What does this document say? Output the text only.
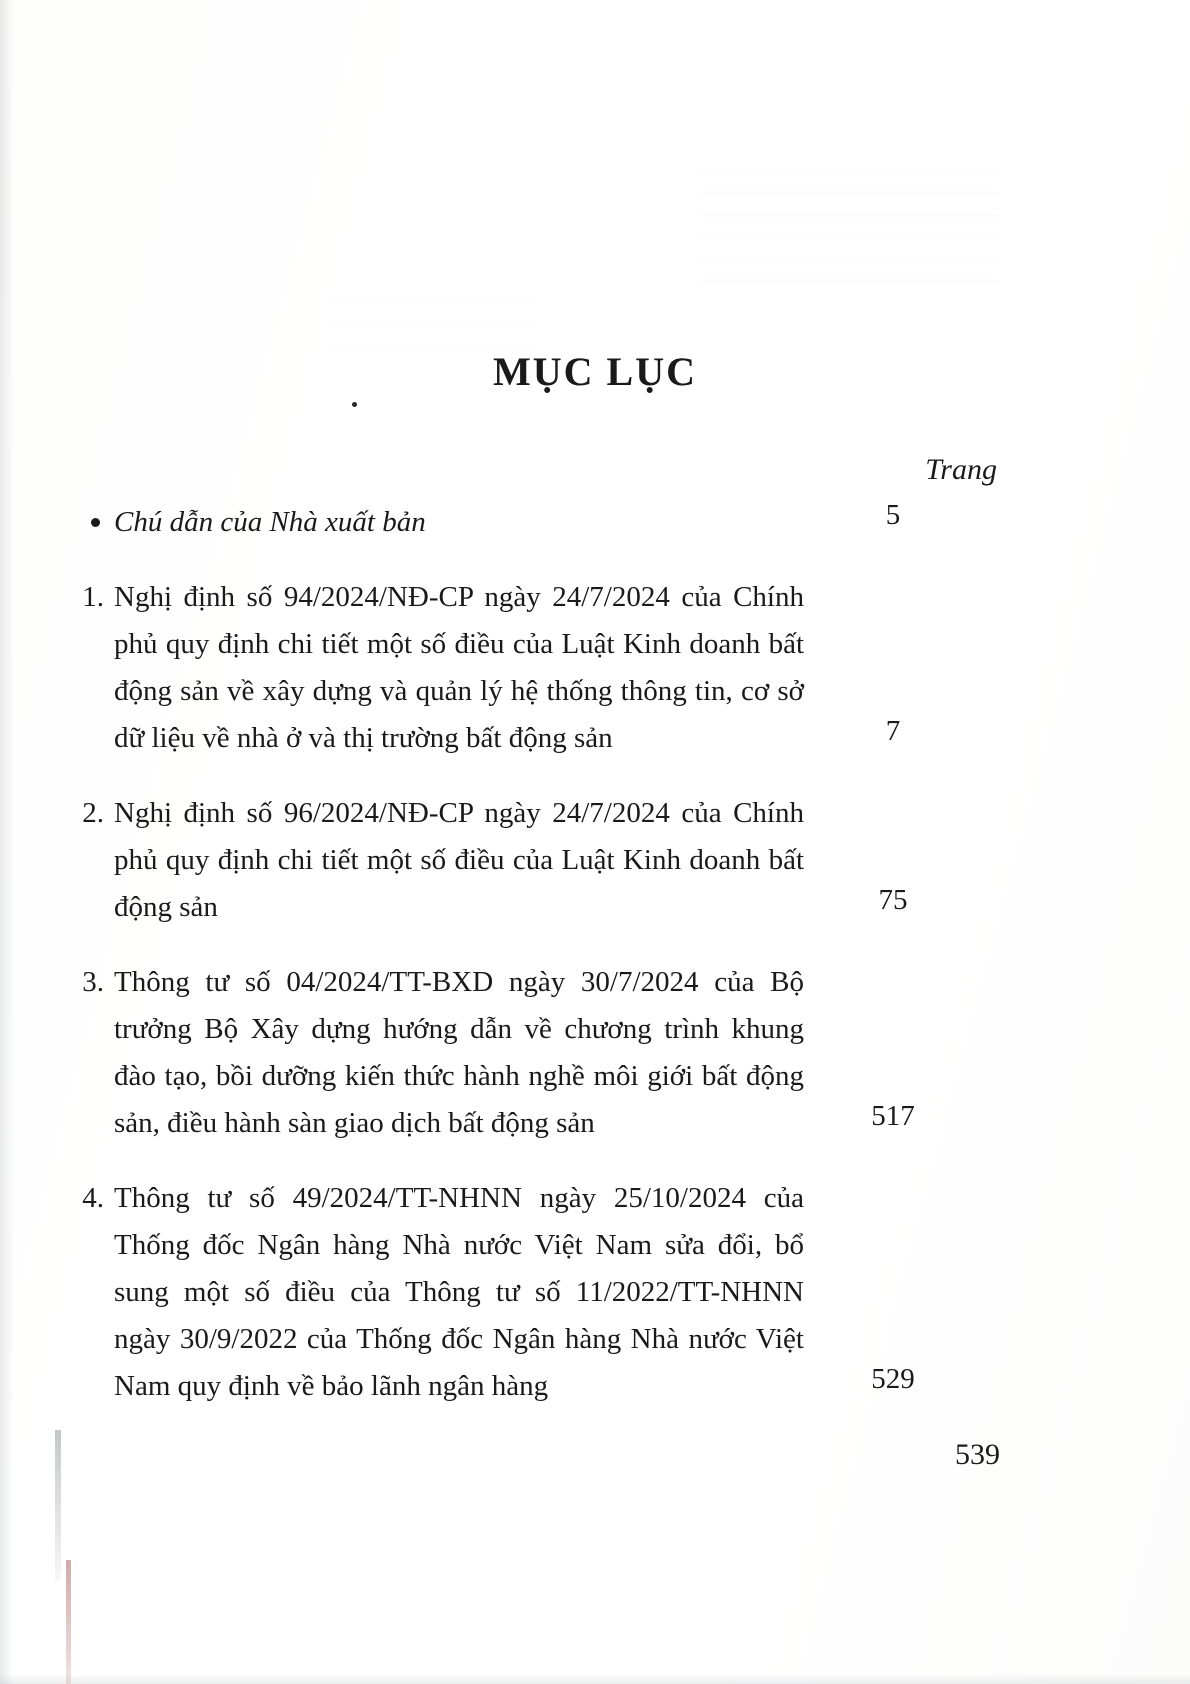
MỤC LỤC
Trang
Chú dẫn của Nhà xuất bản	5
1. Nghị định số 94/2024/NĐ-CP ngày 24/7/2024 của Chính phủ quy định chi tiết một số điều của Luật Kinh doanh bất động sản về xây dựng và quản lý hệ thống thông tin, cơ sở dữ liệu về nhà ở và thị trường bất động sản	7
2. Nghị định số 96/2024/NĐ-CP ngày 24/7/2024 của Chính phủ quy định chi tiết một số điều của Luật Kinh doanh bất động sản	75
3. Thông tư số 04/2024/TT-BXD ngày 30/7/2024 của Bộ trưởng Bộ Xây dựng hướng dẫn về chương trình khung đào tạo, bồi dưỡng kiến thức hành nghề môi giới bất động sản, điều hành sàn giao dịch bất động sản	517
4. Thông tư số 49/2024/TT-NHNN ngày 25/10/2024 của Thống đốc Ngân hàng Nhà nước Việt Nam sửa đổi, bổ sung một số điều của Thông tư số 11/2022/TT-NHNN ngày 30/9/2022 của Thống đốc Ngân hàng Nhà nước Việt Nam quy định về bảo lãnh ngân hàng	529
539
